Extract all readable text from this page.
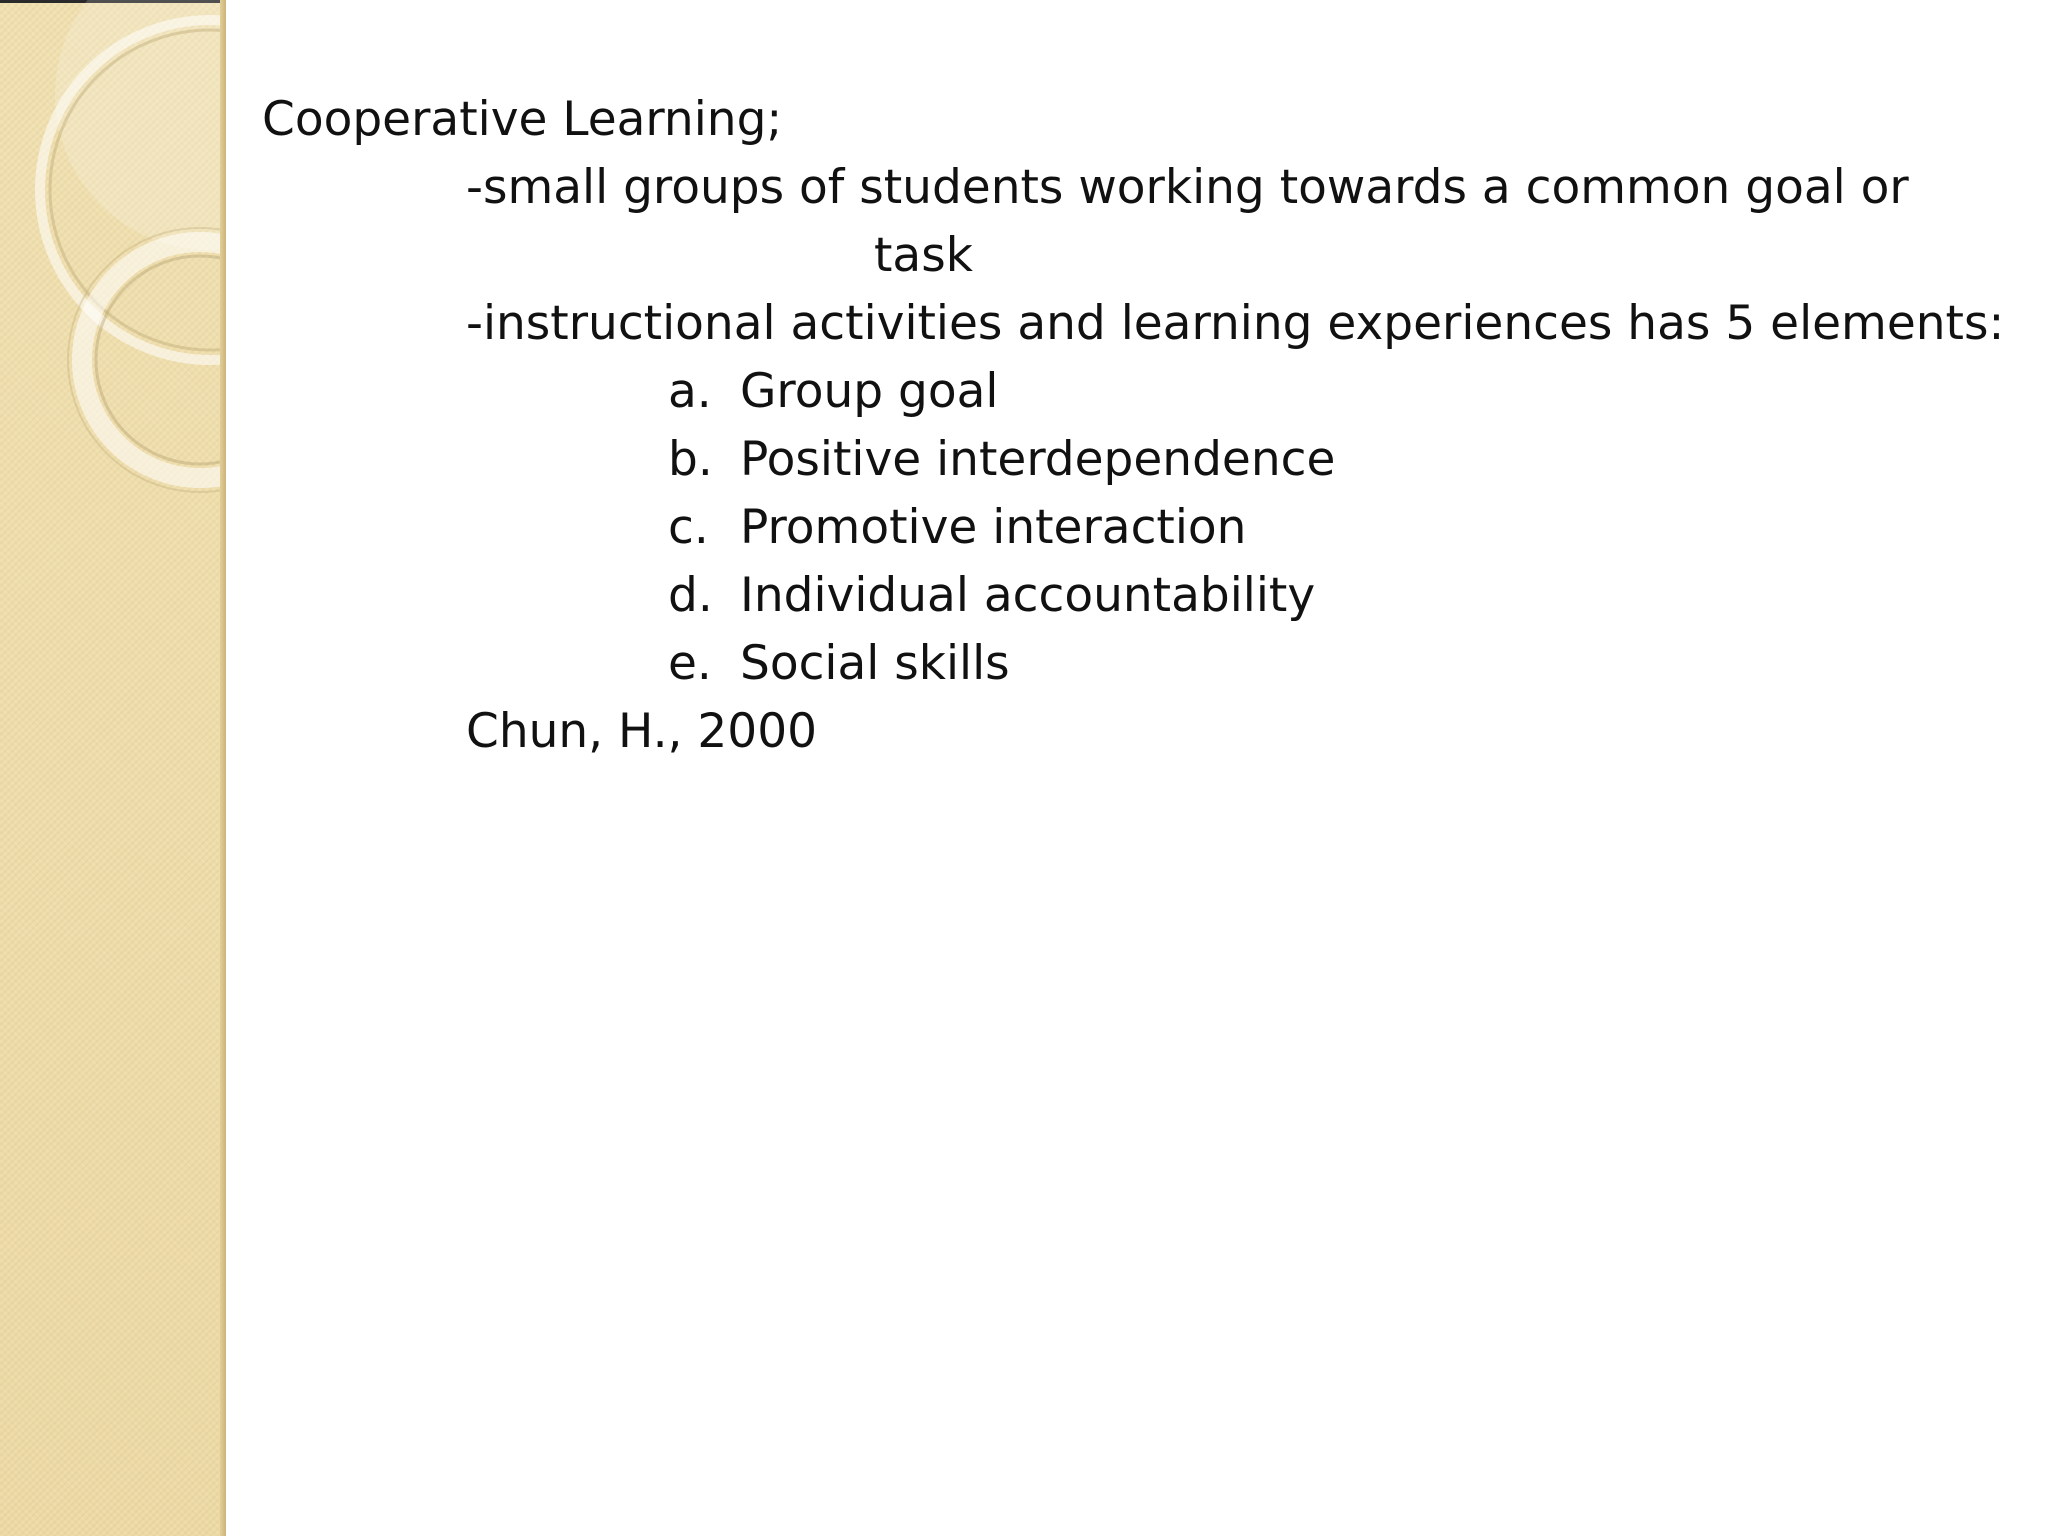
Cooperative Learning;
-small groups of students working towards a common goal or
task
-instructional activities and learning experiences has 5 elements:
a. Group goal
b. Positive interdependence
c. Promotive interaction
d. Individual accountability
e. Social skills
Chun, H., 2000
